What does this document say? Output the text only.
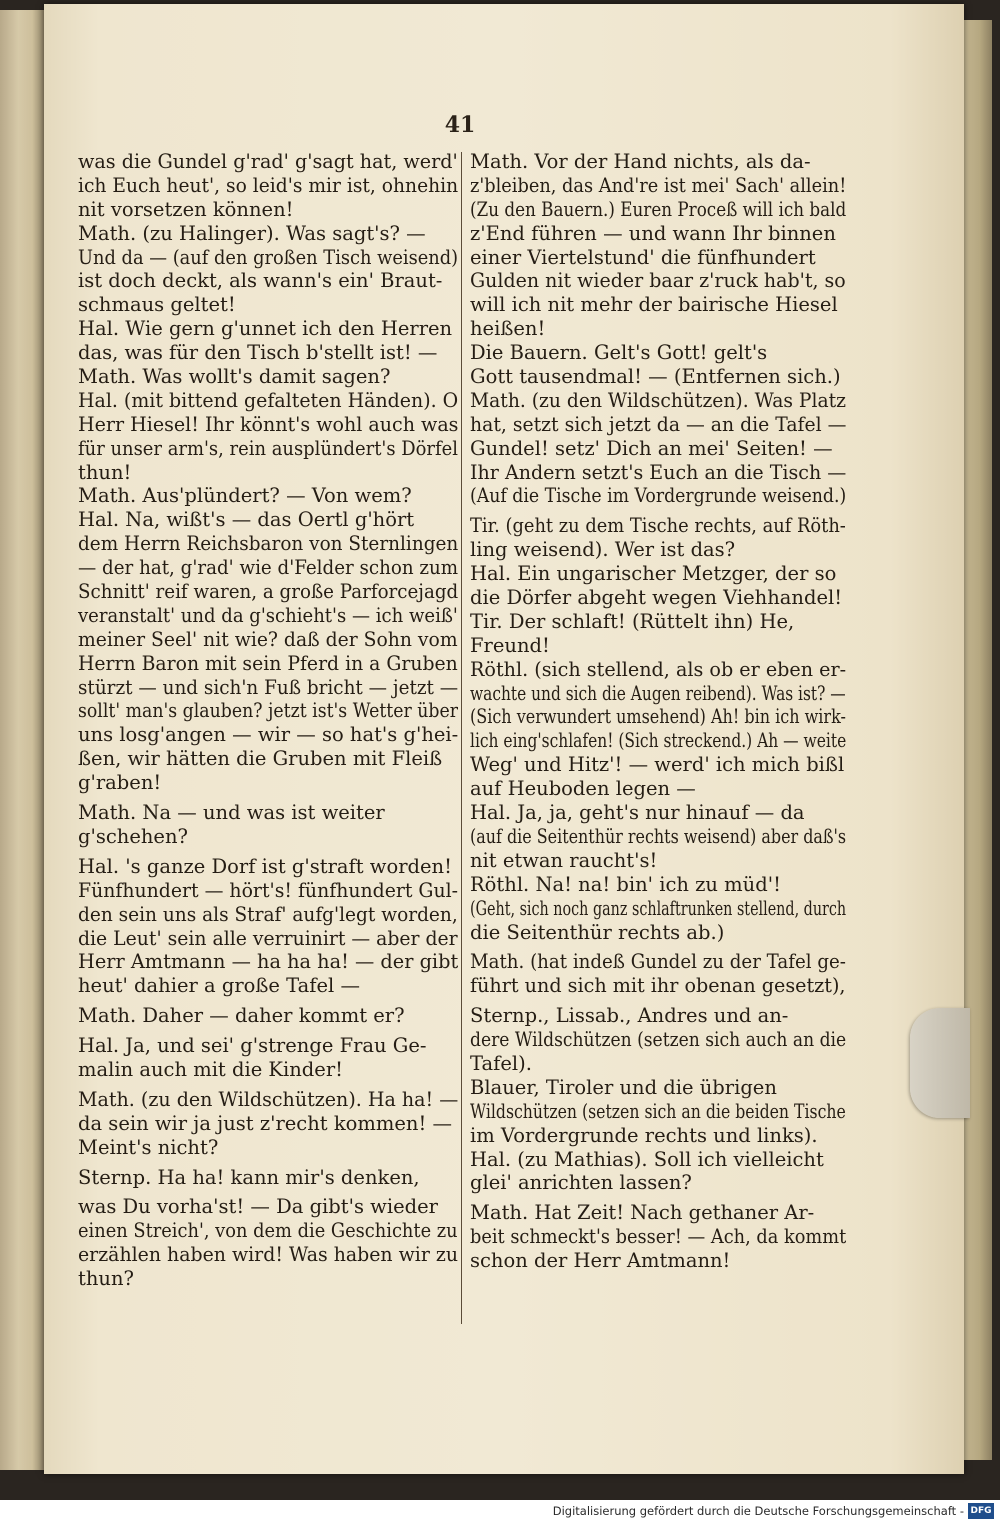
41
was die Gundel g'rad' g'sagt hat, werd'
ich Euch heut', so leid's mir ist, ohnehin
nit vorsetzen können!
Math. (zu Halinger). Was sagt's? —
Und da — (auf den großen Tisch weisend)
ist doch deckt, als wann's ein' Braut-
schmaus geltet!
Hal. Wie gern g'unnet ich den Herren
das, was für den Tisch b'stellt ist! —
Math. Was wollt's damit sagen?
Hal. (mit bittend gefalteten Händen). O
Herr Hiesel! Ihr könnt's wohl auch was
für unser arm's, rein ausplündert's Dörfel
thun!
Math. Aus'plündert? — Von wem?
Hal. Na, wißt's — das Oertl g'hört
dem Herrn Reichsbaron von Sternlingen
— der hat, g'rad' wie d'Felder schon zum
Schnitt' reif waren, a große Parforcejagd
veranstalt' und da g'schieht's — ich weiß'
meiner Seel' nit wie? daß der Sohn vom
Herrn Baron mit sein Pferd in a Gruben
stürzt — und sich'n Fuß bricht — jetzt —
sollt' man's glauben? jetzt ist's Wetter über
uns losg'angen — wir — so hat's g'hei-
ßen, wir hätten die Gruben mit Fleiß
g'raben!
Math. Na — und was ist weiter
g'schehen?
Hal. 's ganze Dorf ist g'straft worden!
Fünfhundert — hört's! fünfhundert Gul-
den sein uns als Straf' aufg'legt worden,
die Leut' sein alle verruinirt — aber der
Herr Amtmann — ha ha ha! — der gibt
heut' dahier a große Tafel —
Math. Daher — daher kommt er?
Hal. Ja, und sei' g'strenge Frau Ge-
malin auch mit die Kinder!
Math. (zu den Wildschützen). Ha ha! —
da sein wir ja just z'recht kommen! —
Meint's nicht?
Sternp. Ha ha! kann mir's denken,
was Du vorha'st! — Da gibt's wieder
einen Streich', von dem die Geschichte zu
erzählen haben wird! Was haben wir zu
thun?
Math. Vor der Hand nichts, als da-
z'bleiben, das And're ist mei' Sach' allein!
(Zu den Bauern.) Euren Proceß will ich bald
z'End führen — und wann Ihr binnen
einer Viertelstund' die fünfhundert
Gulden nit wieder baar z'ruck hab't, so
will ich nit mehr der bairische Hiesel
heißen!
Die Bauern. Gelt's Gott! gelt's
Gott tausendmal! — (Entfernen sich.)
Math. (zu den Wildschützen). Was Platz
hat, setzt sich jetzt da — an die Tafel —
Gundel! setz' Dich an mei' Seiten! —
Ihr Andern setzt's Euch an die Tisch —
(Auf die Tische im Vordergrunde weisend.)
Tir. (geht zu dem Tische rechts, auf Röth-
ling weisend). Wer ist das?
Hal. Ein ungarischer Metzger, der so
die Dörfer abgeht wegen Viehhandel!
Tir. Der schlaft! (Rüttelt ihn) He,
Freund!
Röthl. (sich stellend, als ob er eben er-
wachte und sich die Augen reibend). Was ist? —
(Sich verwundert umsehend) Ah! bin ich wirk-
lich eing'schlafen! (Sich streckend.) Ah — weite
Weg' und Hitz'! — werd' ich mich bißl
auf Heuboden legen —
Hal. Ja, ja, geht's nur hinauf — da
(auf die Seitenthür rechts weisend) aber daß's
nit etwan raucht's!
Röthl. Na! na! bin' ich zu müd'!
(Geht, sich noch ganz schlaftrunken stellend, durch
die Seitenthür rechts ab.)
Math. (hat indeß Gundel zu der Tafel ge-
führt und sich mit ihr obenan gesetzt),
Sternp., Lissab., Andres und an-
dere Wildschützen (setzen sich auch an die
Tafel).
Blauer, Tiroler und die übrigen
Wildschützen (setzen sich an die beiden Tische
im Vordergrunde rechts und links).
Hal. (zu Mathias). Soll ich vielleicht
glei' anrichten lassen?
Math. Hat Zeit! Nach gethaner Ar-
beit schmeckt's besser! — Ach, da kommt
schon der Herr Amtmann!
Digitalisierung gefördert durch die Deutsche Forschungsgemeinschaft - DFG
